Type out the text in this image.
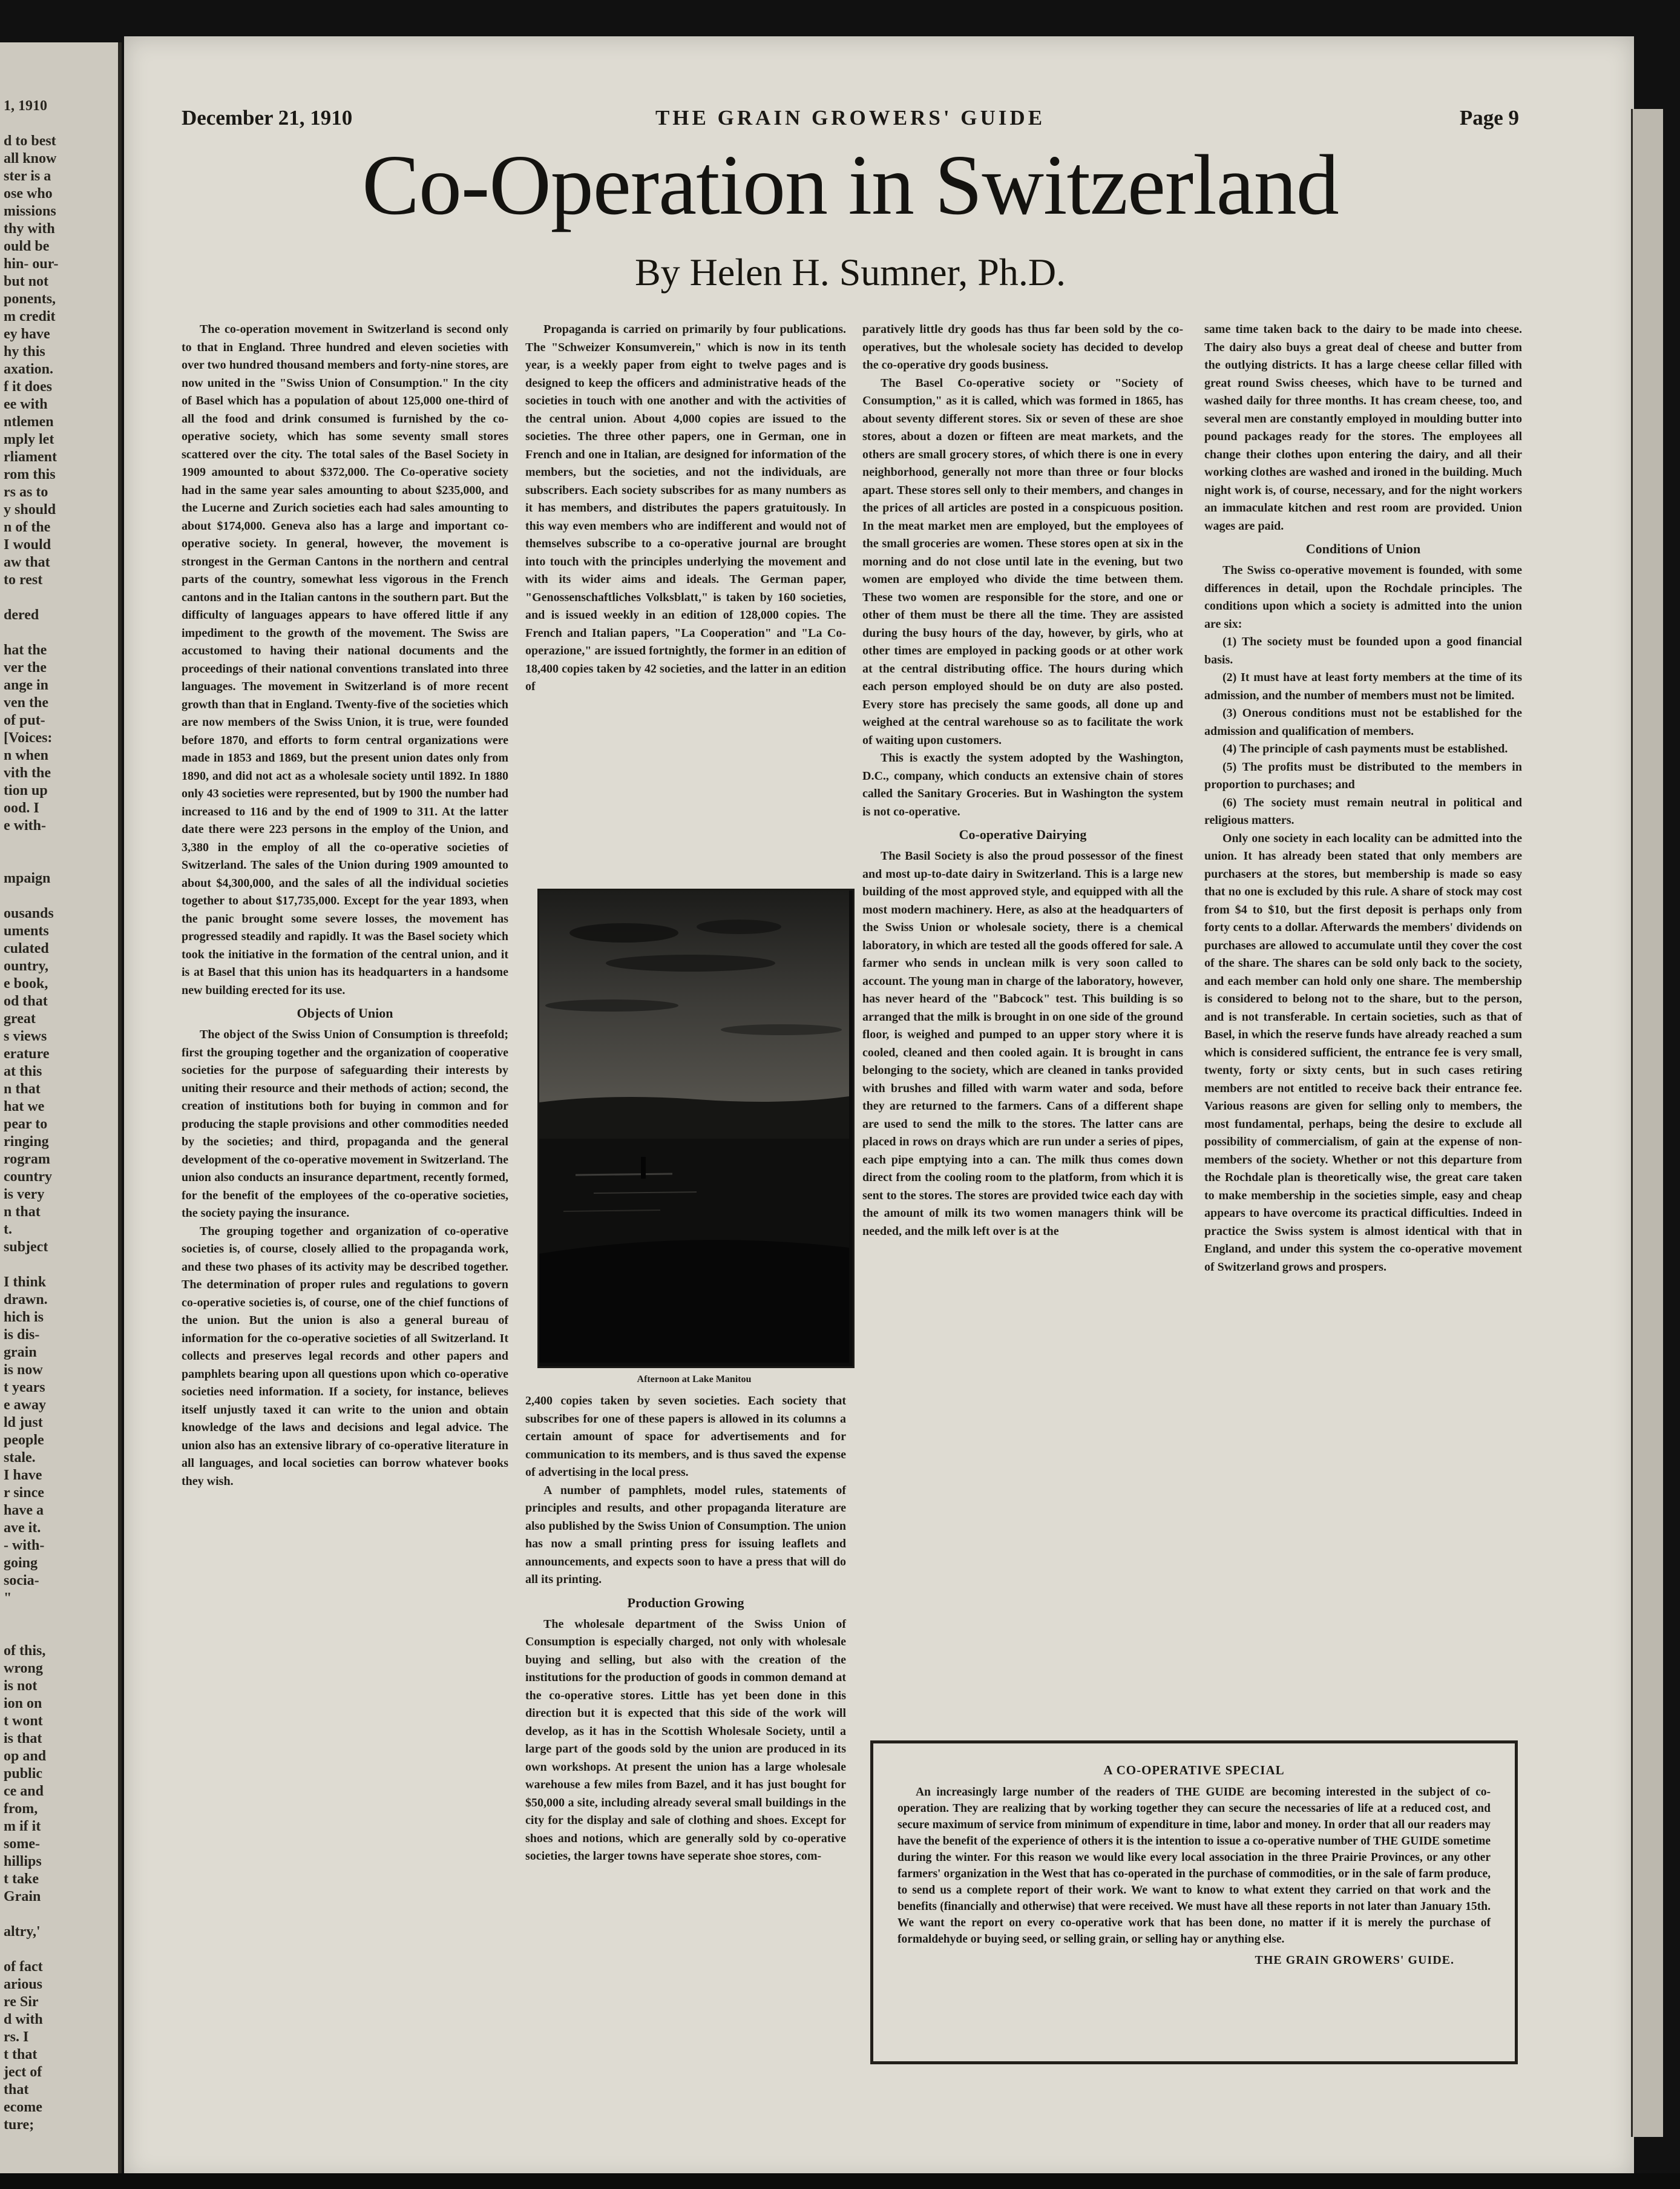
1, 1910
d to best
all know
ster is a
ose who
missions
thy with
ould be
hin- our-
but not
ponents,
m credit
ey have
hy this
axation.
f it does
ee with
ntlemen
mply let
rliament
rom this
rs as to
y should
n of the
I would
aw that
to rest
dered
hat the
ver the
ange in
ven the
of put-
[Voices:
n when
vith the
tion up
ood. I
e with-
mpaign
ousands
uments
culated
ountry,
e book,
od that
great
s views
erature
at this
n that
hat we
pear to
ringing
rogram
country
is very
n that
t.
subject
I think
drawn.
hich is
is dis-
grain
is now
t years
e away
ld just
people
stale.
I have
r since
have a
ave it.
- with-
going
socia-
"
of this,
wrong
is not
ion on
t wont
is that
op and
public
ce and
from,
m if it
some-
hillips
t take
Grain
altry,'
of fact
arious
re Sir
d with
rs. I
t that
ject of
that
ecome
ture;
December 21, 1910	THE GRAIN GROWERS' GUIDE	Page 9
Co-Operation in Switzerland
By Helen H. Sumner, Ph.D.

The co-operation movement in Switzerland is second only to that in England. Three hundred and eleven societies with over two hundred thousand members and forty-nine stores, are now united in the "Swiss Union of Consumption." In the city of Basel which has a population of about 125,000 one-third of all the food and drink consumed is furnished by the co-operative society, which has some seventy small stores scattered over the city. The total sales of the Basel Society in 1909 amounted to about $372,000. The Co-operative society had in the same year sales amounting to about $235,000, and the Lucerne and Zurich societies each had sales amounting to about $174,000. Geneva also has a large and important co-operative society. In general, however, the movement is strongest in the German Cantons in the northern and central parts of the country, somewhat less vigorous in the French cantons and in the Italian cantons in the southern part. But the difficulty of languages appears to have offered little if any impediment to the growth of the movement. The Swiss are accustomed to having their national documents and the proceedings of their national conventions translated into three languages. The movement in Switzerland is of more recent growth than that in England. Twenty-five of the societies which are now members of the Swiss Union, it is true, were founded before 1870, and efforts to form central organizations were made in 1853 and 1869, but the present union dates only from 1890, and did not act as a wholesale society until 1892. In 1880 only 43 societies were represented, but by 1900 the number had increased to 116 and by the end of 1909 to 311. At the latter date there were 223 persons in the employ of the Union, and 3,380 in the employ of all the co-operative societies of Switzerland. The sales of the Union during 1909 amounted to about $4,300,000, and the sales of all the individual societies together to about $17,735,000. Except for the year 1893, when the panic brought some severe losses, the movement has progressed steadily and rapidly. It was the Basel society which took the initiative in the formation of the central union, and it is at Basel that this union has its headquarters in a handsome new building erected for its use.

Objects of Union

The object of the Swiss Union of Consumption is threefold; first the grouping together and the organization of cooperative societies for the purpose of safeguarding their interests by uniting their resource and their methods of action; second, the creation of institutions both for buying in common and for producing the staple provisions and other commodities needed by the societies; and third, propaganda and the general development of the co-operative movement in Switzerland. The union also conducts an insurance department, recently formed, for the benefit of the employees of the co-operative societies, the society paying the insurance.

The grouping together and organization of co-operative societies is, of course, closely allied to the propaganda work, and these two phases of its activity may be described together. The determination of proper rules and regulations to govern co-operative societies is, of course, one of the chief functions of the union. But the union is also a general bureau of information for the co-operative societies of all Switzerland. It collects and preserves legal records and other papers and pamphlets bearing upon all questions upon which co-operative societies need information. If a society, for instance, believes itself unjustly taxed it can write to the union and obtain knowledge of the laws and decisions and legal advice. The union also has an extensive library of co-operative literature in all languages, and local societies can borrow whatever books they wish.

Propaganda is carried on primarily by four publications. The "Schweizer Konsumverein," which is now in its tenth year, is a weekly paper from eight to twelve pages and is designed to keep the officers and administrative heads of the societies in touch with one another and with the activities of the central union. About 4,000 copies are issued to the societies. The three other papers, one in German, one in French and one in Italian, are designed for information of the members, but the societies, and not the individuals, are subscribers. Each society subscribes for as many numbers as it has members, and distributes the papers gratuitously. In this way even members who are indifferent and would not of themselves subscribe to a co-operative journal are brought into touch with the principles underlying the movement and with its wider aims and ideals. The German paper, "Genossenschaftliches Volksblatt," is taken by 160 societies, and is issued weekly in an edition of 128,000 copies. The French and Italian papers, "La Cooperation" and "La Co-operazione," are issued fortnightly, the former in an edition of 18,400 copies taken by 42 societies, and the latter in an edition of

2,400 copies taken by seven societies. Each society that subscribes for one of these papers is allowed in its columns a certain amount of space for advertisements and for communication to its members, and is thus saved the expense of advertising in the local press.

A number of pamphlets, model rules, statements of principles and results, and other propaganda literature are also published by the Swiss Union of Consumption. The union has now a small printing press for issuing leaflets and announcements, and expects soon to have a press that will do all its printing.

Production Growing

The wholesale department of the Swiss Union of Consumption is especially charged, not only with wholesale buying and selling, but also with the creation of the institutions for the production of goods in common demand at the co-operative stores. Little has yet been done in this direction but it is expected that this side of the work will develop, as it has in the Scottish Wholesale Society, until a large part of the goods sold by the union are produced in its own workshops. At present the union has a large wholesale warehouse a few miles from Bazel, and it has just bought for $50,000 a site, including already several small buildings in the city for the display and sale of clothing and shoes. Except for shoes and notions, which are generally sold by co-operative societies, the larger towns have seperate shoe stores, com-

paratively little dry goods has thus far been sold by the co-operatives, but the wholesale society has decided to develop the co-operative dry goods business.

The Basel Co-operative society or "Society of Consumption," as it is called, which was formed in 1865, has about seventy different stores. Six or seven of these are shoe stores, about a dozen or fifteen are meat markets, and the others are small grocery stores, of which there is one in every neighborhood, generally not more than three or four blocks apart. These stores sell only to their members, and changes in the prices of all articles are posted in a conspicuous position. In the meat market men are employed, but the employees of the small groceries are women. These stores open at six in the morning and do not close until late in the evening, but two women are employed who divide the time between them. These two women are responsible for the store, and one or other of them must be there all the time. They are assisted during the busy hours of the day, however, by girls, who at other times are employed in packing goods or at other work at the central distributing office. The hours during which each person employed should be on duty are also posted. Every store has precisely the same goods, all done up and weighed at the central warehouse so as to facilitate the work of waiting upon customers.

This is exactly the system adopted by the Washington, D.C., company, which conducts an extensive chain of stores called the Sanitary Groceries. But in Washington the system is not co-operative.

Co-operative Dairying

The Basil Society is also the proud possessor of the finest and most up-to-date dairy in Switzerland. This is a large new building of the most approved style, and equipped with all the most modern machinery. Here, as also at the headquarters of the Swiss Union or wholesale society, there is a chemical laboratory, in which are tested all the goods offered for sale. A farmer who sends in unclean milk is very soon called to account. The young man in charge of the laboratory, however, has never heard of the "Babcock" test. This building is so arranged that the milk is brought in on one side of the ground floor, is weighed and pumped to an upper story where it is cooled, cleaned and then cooled again. It is brought in cans belonging to the society, which are cleaned in tanks provided with brushes and filled with warm water and soda, before they are returned to the farmers. Cans of a different shape are used to send the milk to the stores. The latter cans are placed in rows on drays which are run under a series of pipes, each pipe emptying into a can. The milk thus comes down direct from the cooling room to the platform, from which it is sent to the stores. The stores are provided twice each day with the amount of milk its two women managers think will be needed, and the milk left over is at the

same time taken back to the dairy to be made into cheese. The dairy also buys a great deal of cheese and butter from the outlying districts. It has a large cheese cellar filled with great round Swiss cheeses, which have to be turned and washed daily for three months. It has cream cheese, too, and several men are constantly employed in moulding butter into pound packages ready for the stores. The employees all change their clothes upon entering the dairy, and all their working clothes are washed and ironed in the building. Much night work is, of course, necessary, and for the night workers an immaculate kitchen and rest room are provided. Union wages are paid.

Conditions of Union

The Swiss co-operative movement is founded, with some differences in detail, upon the Rochdale principles. The conditions upon which a society is admitted into the union are six:

(1) The society must be founded upon a good financial basis.

(2) It must have at least forty members at the time of its admission, and the number of members must not be limited.

(3) Onerous conditions must not be established for the admission and qualification of members.

(4) The principle of cash payments must be established.

(5) The profits must be distributed to the members in proportion to purchases; and

(6) The society must remain neutral in political and religious matters.

Only one society in each locality can be admitted into the union. It has already been stated that only members are purchasers at the stores, but membership is made so easy that no one is excluded by this rule. A share of stock may cost from $4 to $10, but the first deposit is perhaps only from forty cents to a dollar. Afterwards the members' dividends on purchases are allowed to accumulate until they cover the cost of the share. The shares can be sold only back to the society, and each member can hold only one share. The membership is considered to belong not to the share, but to the person, and is not transferable. In certain societies, such as that of Basel, in which the reserve funds have already reached a sum which is considered sufficient, the entrance fee is very small, twenty, forty or sixty cents, but in such cases retiring members are not entitled to receive back their entrance fee. Various reasons are given for selling only to members, the most fundamental, perhaps, being the desire to exclude all possibility of commercialism, of gain at the expense of non-members of the society. Whether or not this departure from the Rochdale plan is theoretically wise, the great care taken to make membership in the societies simple, easy and cheap appears to have overcome its practical difficulties. Indeed in practice the Swiss system is almost identical with that in England, and under this system the co-operative movement of Switzerland grows and prospers.

Afternoon at Lake Manitou
A CO-OPERATIVE SPECIAL
An increasingly large number of the readers of THE GUIDE are becoming interested in the subject of co-operation. They are realizing that by working together they can secure the necessaries of life at a reduced cost, and secure maximum of service from minimum of expenditure in time, labor and money. In order that all our readers may have the benefit of the experience of others it is the intention to issue a co-operative number of THE GUIDE sometime during the winter. For this reason we would like every local association in the three Prairie Provinces, or any other farmers' organization in the West that has co-operated in the purchase of commodities, or in the sale of farm produce, to send us a complete report of their work. We want to know to what extent they carried on that work and the benefits (financially and otherwise) that were received. We must have all these reports in not later than January 15th. We want the report on every co-operative work that has been done, no matter if it is merely the purchase of formaldehyde or buying seed, or selling grain, or selling hay or anything else.
THE GRAIN GROWERS' GUIDE.
